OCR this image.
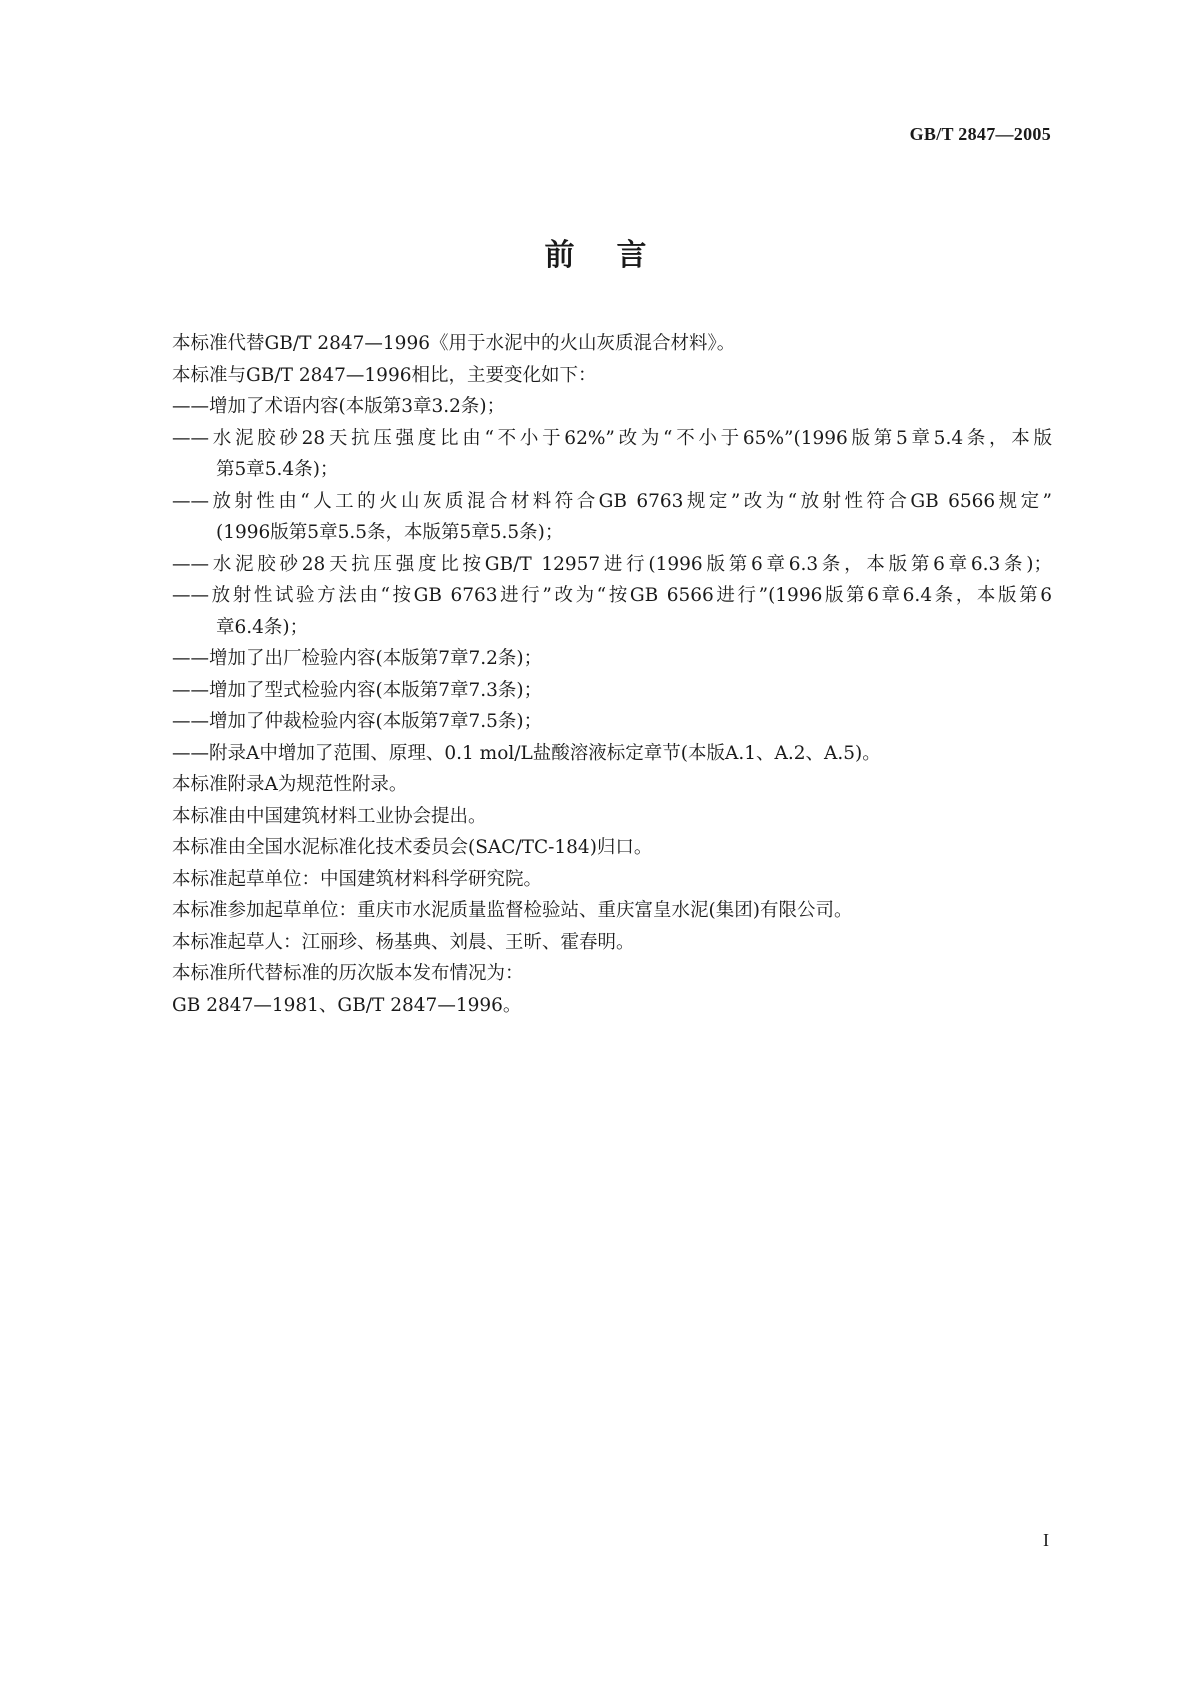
GB/T 2847—2005
前言
本标准代替GB/T 2847—1996《用于水泥中的火山灰质混合材料》。
本标准与GB/T 2847—1996相比，主要变化如下：
——增加了术语内容(本版第3章3.2条)；
——水泥胶砂28天抗压强度比由“不小于62%”改为“不小于65%”(1996版第5章5.4条，本版
第5章5.4条)；
——放射性由“人工的火山灰质混合材料符合GB 6763规定”改为“放射性符合GB 6566规定”
(1996版第5章5.5条，本版第5章5.5条)；
——水泥胶砂28天抗压强度比按GB/T 12957进行(1996版第6章6.3条，本版第6章6.3条)；
——放射性试验方法由“按GB 6763进行”改为“按GB 6566进行”(1996版第6章6.4条，本版第6
章6.4条)；
——增加了出厂检验内容(本版第7章7.2条)；
——增加了型式检验内容(本版第7章7.3条)；
——增加了仲裁检验内容(本版第7章7.5条)；
——附录A中增加了范围、原理、0.1 mol/L盐酸溶液标定章节(本版A.1、A.2、A.5)。
本标准附录A为规范性附录。
本标准由中国建筑材料工业协会提出。
本标准由全国水泥标准化技术委员会(SAC/TC-184)归口。
本标准起草单位：中国建筑材料科学研究院。
本标准参加起草单位：重庆市水泥质量监督检验站、重庆富皇水泥(集团)有限公司。
本标准起草人：江丽珍、杨基典、刘晨、王昕、霍春明。
本标准所代替标准的历次版本发布情况为：
GB 2847—1981、GB/T 2847—1996。
I
